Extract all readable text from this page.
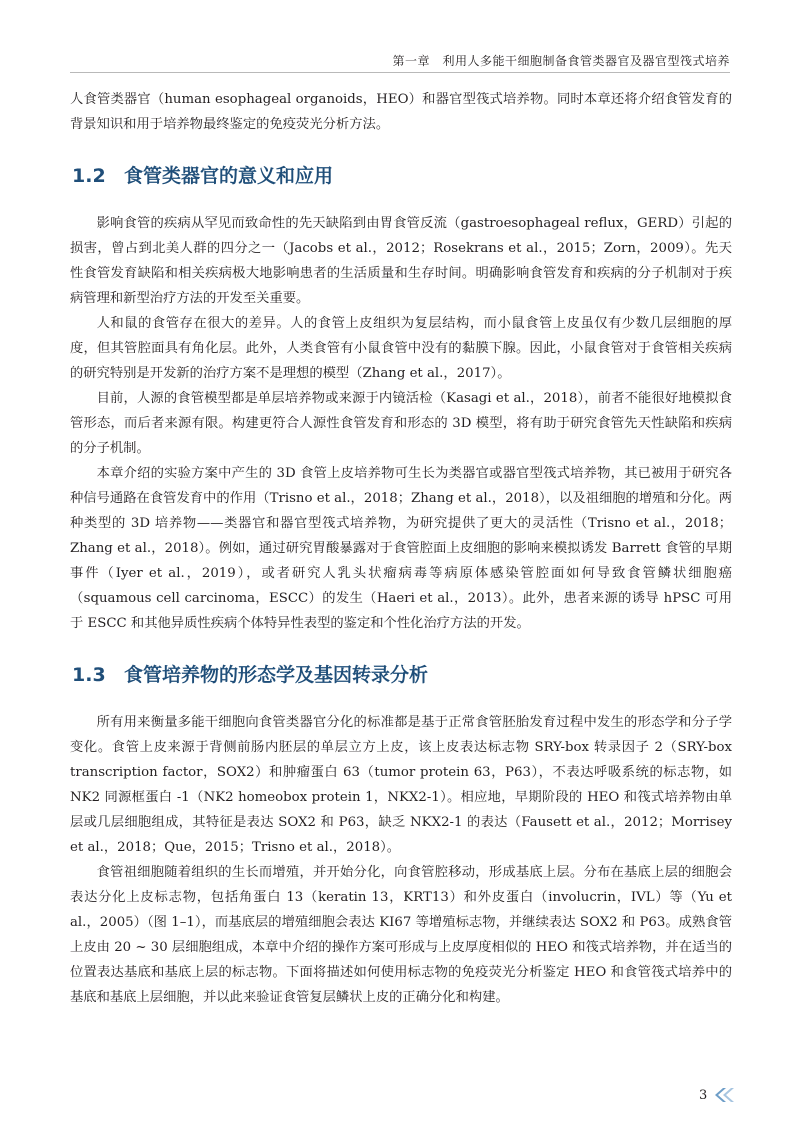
第一章　利用人多能干细胞制备食管类器官及器官型筏式培养

人食管类器官（human esophageal organoids，HEO）和器官型筏式培养物。同时本章还将介绍食管发育的背景知识和用于培养物最终鉴定的免疫荧光分析方法。

1.2 食管类器官的意义和应用

影响食管的疾病从罕见而致命性的先天缺陷到由胃食管反流（gastroesophageal reflux，GERD）引起的损害，曾占到北美人群的四分之一（Jacobs et al.，2012；Rosekrans et al.，2015；Zorn，2009）。先天性食管发育缺陷和相关疾病极大地影响患者的生活质量和生存时间。明确影响食管发育和疾病的分子机制对于疾病管理和新型治疗方法的开发至关重要。

人和鼠的食管存在很大的差异。人的食管上皮组织为复层结构，而小鼠食管上皮虽仅有少数几层细胞的厚度，但其管腔面具有角化层。此外，人类食管有小鼠食管中没有的黏膜下腺。因此，小鼠食管对于食管相关疾病的研究特别是开发新的治疗方案不是理想的模型（Zhang et al.，2017）。

目前，人源的食管模型都是单层培养物或来源于内镜活检（Kasagi et al.，2018），前者不能很好地模拟食管形态，而后者来源有限。构建更符合人源性食管发育和形态的 3D 模型，将有助于研究食管先天性缺陷和疾病的分子机制。

本章介绍的实验方案中产生的 3D 食管上皮培养物可生长为类器官或器官型筏式培养物，其已被用于研究各种信号通路在食管发育中的作用（Trisno et al.，2018；Zhang et al.，2018），以及祖细胞的增殖和分化。两种类型的 3D 培养物——类器官和器官型筏式培养物，为研究提供了更大的灵活性（Trisno et al.，2018；Zhang et al.，2018）。例如，通过研究胃酸暴露对于食管腔面上皮细胞的影响来模拟诱发 Barrett 食管的早期事件（Iyer et al.，2019），或者研究人乳头状瘤病毒等病原体感染管腔面如何导致食管鳞状细胞癌（squamous cell carcinoma，ESCC）的发生（Haeri et al.，2013）。此外，患者来源的诱导 hPSC 可用于 ESCC 和其他异质性疾病个体特异性表型的鉴定和个性化治疗方法的开发。

1.3 食管培养物的形态学及基因转录分析

所有用来衡量多能干细胞向食管类器官分化的标准都是基于正常食管胚胎发育过程中发生的形态学和分子学变化。食管上皮来源于背侧前肠内胚层的单层立方上皮，该上皮表达标志物 SRY-box 转录因子 2（SRY-box transcription factor，SOX2）和肿瘤蛋白 63（tumor protein 63，P63），不表达呼吸系统的标志物，如 NK2 同源框蛋白 -1（NK2 homeobox protein 1，NKX2-1）。相应地，早期阶段的 HEO 和筏式培养物由单层或几层细胞组成，其特征是表达 SOX2 和 P63，缺乏 NKX2-1 的表达（Fausett et al.，2012；Morrisey et al.，2018；Que，2015；Trisno et al.，2018）。

食管祖细胞随着组织的生长而增殖，并开始分化，向食管腔移动，形成基底上层。分布在基底上层的细胞会表达分化上皮标志物，包括角蛋白 13（keratin 13，KRT13）和外皮蛋白（involucrin，IVL）等（Yu et al.，2005）（图 1–1），而基底层的增殖细胞会表达 KI67 等增殖标志物，并继续表达 SOX2 和 P63。成熟食管上皮由 20 ~ 30 层细胞组成，本章中介绍的操作方案可形成与上皮厚度相似的 HEO 和筏式培养物，并在适当的位置表达基底和基底上层的标志物。下面将描述如何使用标志物的免疫荧光分析鉴定 HEO 和食管筏式培养中的基底和基底上层细胞，并以此来验证食管复层鳞状上皮的正确分化和构建。

3
